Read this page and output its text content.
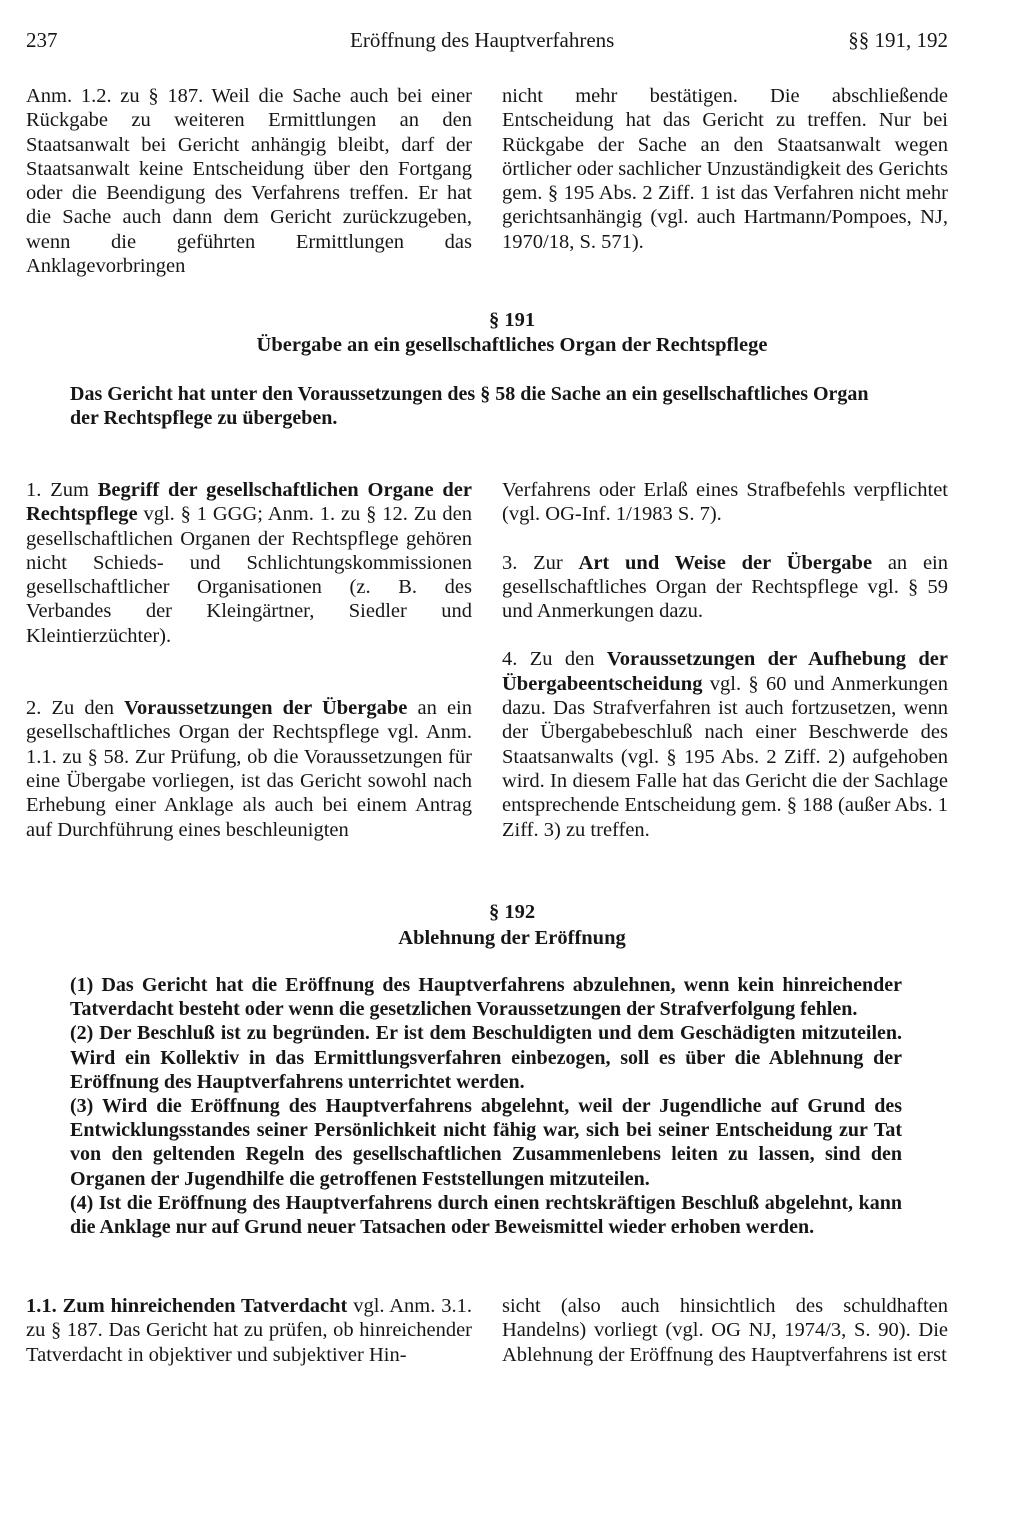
237	Eröffnung des Hauptverfahrens	§§ 191, 192

Anm. 1.2. zu § 187. Weil die Sache auch bei einer Rückgabe zu weiteren Ermittlungen an den Staatsanwalt bei Gericht anhängig bleibt, darf der Staatsanwalt keine Entscheidung über den Fortgang oder die Beendigung des Verfahrens treffen. Er hat die Sache auch dann dem Gericht zurückzugeben, wenn die geführten Ermittlungen das Anklagevorbringen

nicht mehr bestätigen. Die abschließende Entscheidung hat das Gericht zu treffen. Nur bei Rückgabe der Sache an den Staatsanwalt wegen örtlicher oder sachlicher Unzuständigkeit des Gerichts gem. § 195 Abs. 2 Ziff. 1 ist das Verfahren nicht mehr gerichtsanhängig (vgl. auch Hartmann/Pompoes, NJ, 1970/18, S. 571).

§ 191
Übergabe an ein gesellschaftliches Organ der Rechtspflege

Das Gericht hat unter den Voraussetzungen des § 58 die Sache an ein gesellschaftliches Organ der Rechtspflege zu übergeben.

1. Zum Begriff der gesellschaftlichen Organe der Rechtspflege vgl. § 1 GGG; Anm. 1. zu § 12. Zu den gesellschaftlichen Organen der Rechtspflege gehören nicht Schieds- und Schlichtungskommissionen gesellschaftlicher Organisationen (z. B. des Verbandes der Kleingärtner, Siedler und Kleintierzüchter).

2. Zu den Voraussetzungen der Übergabe an ein gesellschaftliches Organ der Rechtspflege vgl. Anm. 1.1. zu § 58. Zur Prüfung, ob die Voraussetzungen für eine Übergabe vorliegen, ist das Gericht sowohl nach Erhebung einer Anklage als auch bei einem Antrag auf Durchführung eines beschleunigten

Verfahrens oder Erlaß eines Strafbefehls verpflichtet (vgl. OG-Inf. 1/1983 S. 7).

3. Zur Art und Weise der Übergabe an ein gesellschaftliches Organ der Rechtspflege vgl. § 59 und Anmerkungen dazu.

4. Zu den Voraussetzungen der Aufhebung der Übergabeentscheidung vgl. § 60 und Anmerkungen dazu. Das Strafverfahren ist auch fortzusetzen, wenn der Übergabebeschluß nach einer Beschwerde des Staatsanwalts (vgl. § 195 Abs. 2 Ziff. 2) aufgehoben wird. In diesem Falle hat das Gericht die der Sachlage entsprechende Entscheidung gem. § 188 (außer Abs. 1 Ziff. 3) zu treffen.

§ 192
Ablehnung der Eröffnung

(1) Das Gericht hat die Eröffnung des Hauptverfahrens abzulehnen, wenn kein hinreichender Tatverdacht besteht oder wenn die gesetzlichen Voraussetzungen der Strafverfolgung fehlen.

(2) Der Beschluß ist zu begründen. Er ist dem Beschuldigten und dem Geschädigten mitzuteilen. Wird ein Kollektiv in das Ermittlungsverfahren einbezogen, soll es über die Ablehnung der Eröffnung des Hauptverfahrens unterrichtet werden.

(3) Wird die Eröffnung des Hauptverfahrens abgelehnt, weil der Jugendliche auf Grund des Entwicklungsstandes seiner Persönlichkeit nicht fähig war, sich bei seiner Entscheidung zur Tat von den geltenden Regeln des gesellschaftlichen Zusammenlebens leiten zu lassen, sind den Organen der Jugendhilfe die getroffenen Feststellungen mitzuteilen.

(4) Ist die Eröffnung des Hauptverfahrens durch einen rechtskräftigen Beschluß abgelehnt, kann die Anklage nur auf Grund neuer Tatsachen oder Beweismittel wieder erhoben werden.

1.1. Zum hinreichenden Tatverdacht vgl. Anm. 3.1. zu § 187. Das Gericht hat zu prüfen, ob hinreichender Tatverdacht in objektiver und subjektiver Hin-

sicht (also auch hinsichtlich des schuldhaften Handelns) vorliegt (vgl. OG NJ, 1974/3, S. 90). Die Ablehnung der Eröffnung des Hauptverfahrens ist erst
